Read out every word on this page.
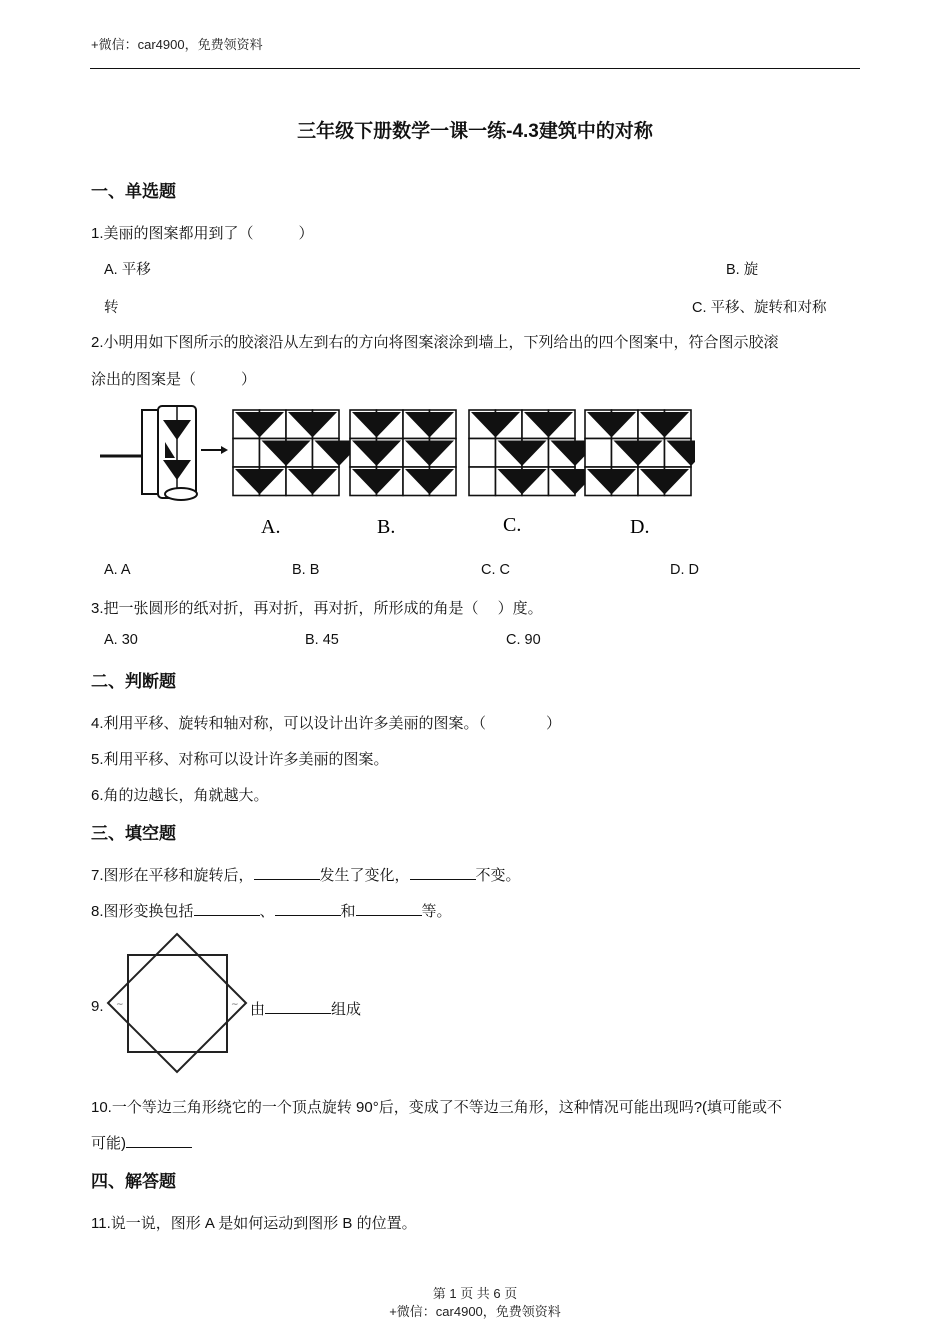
+微信：car4900，免费领资料
三年级下册数学一课一练-4.3建筑中的对称
一、单选题
1.美丽的图案都用到了（　　　）
A. 平移	B. 旋
转	C. 平移、旋转和对称
2.小明用如下图所示的胶滚沿从左到右的方向将图案滚涂到墙上，下列给出的四个图案中，符合图示胶滚
涂出的图案是（　　　）
A.	B.	C.	D.
A. A	B. B	C. C	D. D
3.把一张圆形的纸对折，再对折，再对折，所形成的角是（　 ）度。
A. 30	B. 45	C. 90
二、判断题
4.利用平移、旋转和轴对称，可以设计出许多美丽的图案。（　　　　）
5.利用平移、对称可以设计许多美丽的图案。
6.角的边越长，角就越大。
三、填空题
7.图形在平移和旋转后，	发生了变化，	不变。
8.图形变换包括	、	和	等。
9. ~	~ 由	组成
10.一个等边三角形绕它的一个顶点旋转 90°后，变成了不等边三角形，这种情况可能出现吗?(填可能或不
可能)
四、解答题
11.说一说，图形 A 是如何运动到图形 B 的位置。
第 1 页 共 6 页
+微信：car4900，免费领资料
